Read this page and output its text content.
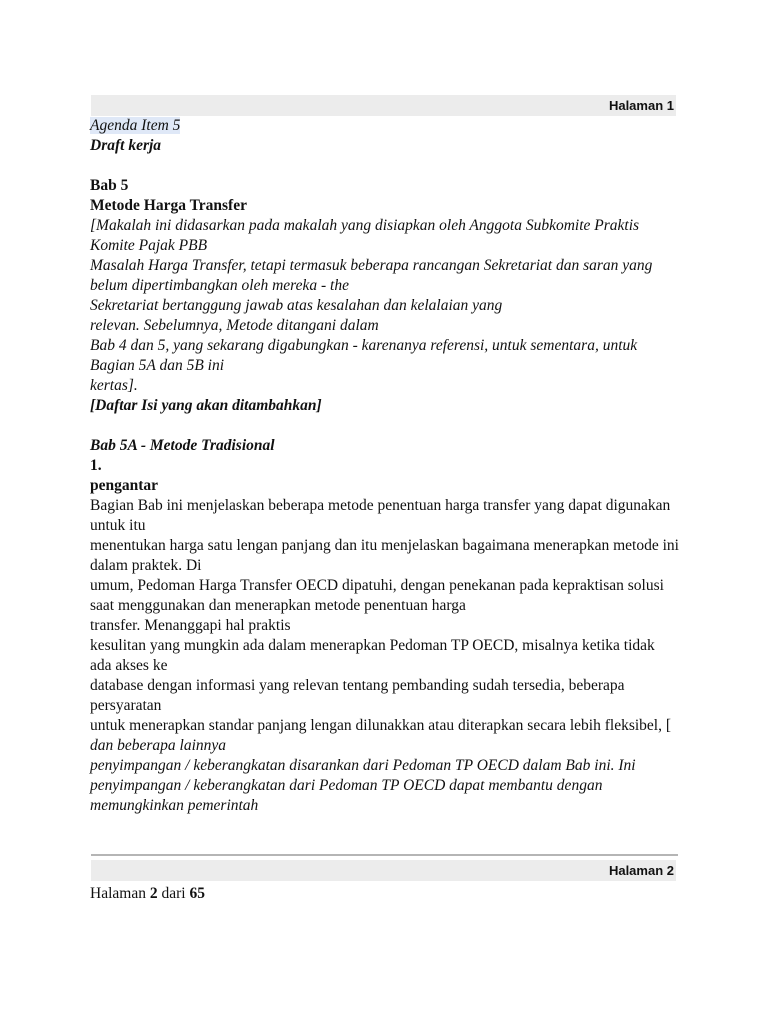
Halaman 1
Agenda Item 5
Draft kerja
Bab 5
Metode Harga Transfer
[Makalah ini didasarkan pada makalah yang disiapkan oleh Anggota Subkomite Praktis Komite Pajak PBB
Masalah Harga Transfer, tetapi termasuk beberapa rancangan Sekretariat dan saran yang belum dipertimbangkan oleh mereka - the
Sekretariat bertanggung jawab atas kesalahan dan kelalaian yang
relevan. Sebelumnya, Metode ditangani dalam
Bab 4 dan 5, yang sekarang digabungkan - karenanya referensi, untuk sementara, untuk Bagian 5A dan 5B ini
kertas].
[Daftar Isi yang akan ditambahkan]
Bab 5A - Metode Tradisional
1.
pengantar
Bagian Bab ini menjelaskan beberapa metode penentuan harga transfer yang dapat digunakan untuk itu
menentukan harga satu lengan panjang dan itu menjelaskan bagaimana menerapkan metode ini dalam praktek. Di
umum, Pedoman Harga Transfer OECD dipatuhi, dengan penekanan pada kepraktisan solusi saat menggunakan dan menerapkan metode penentuan harga
transfer. Menanggapi hal praktis
kesulitan yang mungkin ada dalam menerapkan Pedoman TP OECD, misalnya ketika tidak ada akses ke
database dengan informasi yang relevan tentang pembanding sudah tersedia, beberapa persyaratan
untuk menerapkan standar panjang lengan dilunakkan atau diterapkan secara lebih fleksibel, [ dan beberapa lainnya
penyimpangan / keberangkatan disarankan dari Pedoman TP OECD dalam Bab ini. Ini
penyimpangan / keberangkatan dari Pedoman TP OECD dapat membantu dengan memungkinkan pemerintah
Halaman 2
Halaman 2 dari 65
